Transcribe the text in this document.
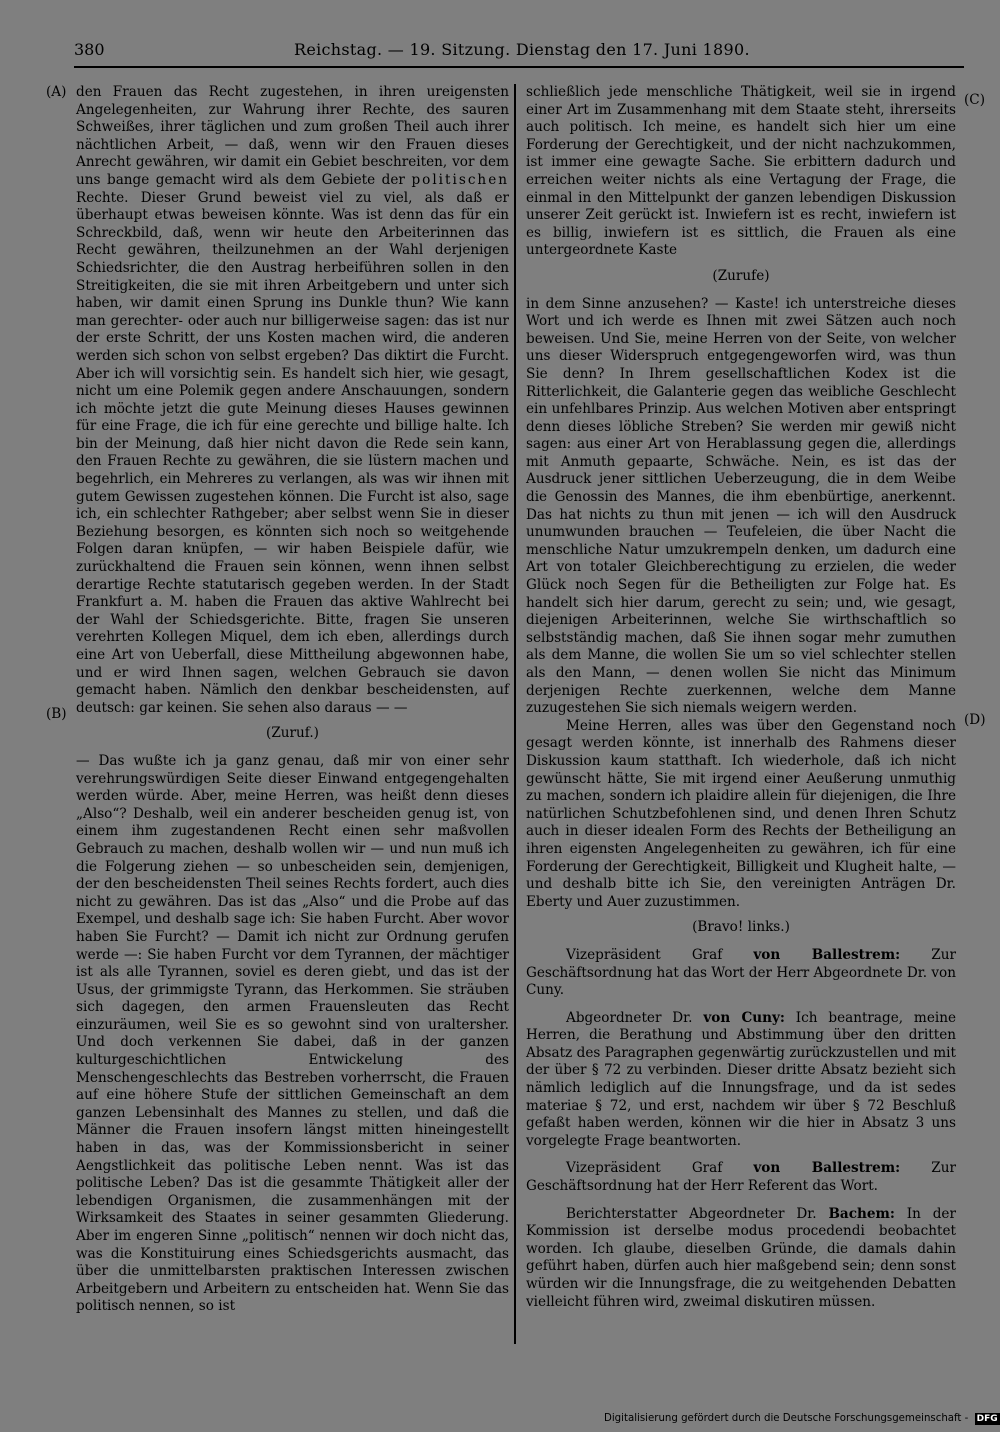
380	Reichstag. — 19. Sitzung. Dienstag den 17. Juni 1890.
(A)
(B)
(C)
(D)

den Frauen das Recht zugestehen, in ihren ureigensten Angelegenheiten, zur Wahrung ihrer Rechte, des sauren Schweißes, ihrer täglichen und zum großen Theil auch ihrer nächtlichen Arbeit, — daß, wenn wir den Frauen dieses Anrecht gewähren, wir damit ein Gebiet beschreiten, vor dem uns bange gemacht wird als dem Gebiete der politischen Rechte. Dieser Grund beweist viel zu viel, als daß er überhaupt etwas beweisen könnte. Was ist denn das für ein Schreckbild, daß, wenn wir heute den Arbeiterinnen das Recht gewähren, theilzunehmen an der Wahl derjenigen Schiedsrichter, die den Austrag herbeiführen sollen in den Streitigkeiten, die sie mit ihren Arbeitgebern und unter sich haben, wir damit einen Sprung ins Dunkle thun? Wie kann man gerechter- oder auch nur billigerweise sagen: das ist nur der erste Schritt, der uns Kosten machen wird, die anderen werden sich schon von selbst ergeben? Das diktirt die Furcht. Aber ich will vorsichtig sein. Es handelt sich hier, wie gesagt, nicht um eine Polemik gegen andere Anschauungen, sondern ich möchte jetzt die gute Meinung dieses Hauses gewinnen für eine Frage, die ich für eine gerechte und billige halte. Ich bin der Meinung, daß hier nicht davon die Rede sein kann, den Frauen Rechte zu gewähren, die sie lüstern machen und begehrlich, ein Mehreres zu verlangen, als was wir ihnen mit gutem Gewissen zugestehen können. Die Furcht ist also, sage ich, ein schlechter Rathgeber; aber selbst wenn Sie in dieser Beziehung besorgen, es könnten sich noch so weitgehende Folgen daran knüpfen, — wir haben Beispiele dafür, wie zurückhaltend die Frauen sein können, wenn ihnen selbst derartige Rechte statutarisch gegeben werden. In der Stadt Frankfurt a. M. haben die Frauen das aktive Wahlrecht bei der Wahl der Schiedsgerichte. Bitte, fragen Sie unseren verehrten Kollegen Miquel, dem ich eben, allerdings durch eine Art von Ueberfall, diese Mittheilung abgewonnen habe, und er wird Ihnen sagen, welchen Gebrauch sie davon gemacht haben. Nämlich den denkbar bescheidensten, auf deutsch: gar keinen. Sie sehen also daraus — —

(Zuruf.)

— Das wußte ich ja ganz genau, daß mir von einer sehr verehrungswürdigen Seite dieser Einwand entgegengehalten werden würde. Aber, meine Herren, was heißt denn dieses „Also“? Deshalb, weil ein anderer bescheiden genug ist, von einem ihm zugestandenen Recht einen sehr maßvollen Gebrauch zu machen, deshalb wollen wir — und nun muß ich die Folgerung ziehen — so unbescheiden sein, demjenigen, der den bescheidensten Theil seines Rechts fordert, auch dies nicht zu gewähren. Das ist das „Also“ und die Probe auf das Exempel, und deshalb sage ich: Sie haben Furcht. Aber wovor haben Sie Furcht? — Damit ich nicht zur Ordnung gerufen werde —: Sie haben Furcht vor dem Tyrannen, der mächtiger ist als alle Tyrannen, soviel es deren giebt, und das ist der Usus, der grimmigste Tyrann, das Herkommen. Sie sträuben sich dagegen, den armen Frauensleuten das Recht einzuräumen, weil Sie es so gewohnt sind von uraltersher. Und doch verkennen Sie dabei, daß in der ganzen kulturgeschichtlichen Entwickelung des Menschengeschlechts das Bestreben vorherrscht, die Frauen auf eine höhere Stufe der sittlichen Gemeinschaft an dem ganzen Lebensinhalt des Mannes zu stellen, und daß die Männer die Frauen insofern längst mitten hineingestellt haben in das, was der Kommissionsbericht in seiner Aengstlichkeit das politische Leben nennt. Was ist das politische Leben? Das ist die gesammte Thätigkeit aller der lebendigen Organismen, die zusammenhängen mit der Wirksamkeit des Staates in seiner gesammten Gliederung. Aber im engeren Sinne „politisch“ nennen wir doch nicht das, was die Konstituirung eines Schiedsgerichts ausmacht, das über die unmittelbarsten praktischen Interessen zwischen Arbeitgebern und Arbeitern zu entscheiden hat. Wenn Sie das politisch nennen, so ist

schließlich jede menschliche Thätigkeit, weil sie in irgend einer Art im Zusammenhang mit dem Staate steht, ihrerseits auch politisch. Ich meine, es handelt sich hier um eine Forderung der Gerechtigkeit, und der nicht nachzukommen, ist immer eine gewagte Sache. Sie erbittern dadurch und erreichen weiter nichts als eine Vertagung der Frage, die einmal in den Mittelpunkt der ganzen lebendigen Diskussion unserer Zeit gerückt ist. Inwiefern ist es recht, inwiefern ist es billig, inwiefern ist es sittlich, die Frauen als eine untergeordnete Kaste

(Zurufe)

in dem Sinne anzusehen? — Kaste! ich unterstreiche dieses Wort und ich werde es Ihnen mit zwei Sätzen auch noch beweisen. Und Sie, meine Herren von der Seite, von welcher uns dieser Widerspruch entgegengeworfen wird, was thun Sie denn? In Ihrem gesellschaftlichen Kodex ist die Ritterlichkeit, die Galanterie gegen das weibliche Geschlecht ein unfehlbares Prinzip. Aus welchen Motiven aber entspringt denn dieses löbliche Streben? Sie werden mir gewiß nicht sagen: aus einer Art von Herablassung gegen die, allerdings mit Anmuth gepaarte, Schwäche. Nein, es ist das der Ausdruck jener sittlichen Ueberzeugung, die in dem Weibe die Genossin des Mannes, die ihm ebenbürtige, anerkennt. Das hat nichts zu thun mit jenen — ich will den Ausdruck unumwunden brauchen — Teufeleien, die über Nacht die menschliche Natur umzukrempeln denken, um dadurch eine Art von totaler Gleichberechtigung zu erzielen, die weder Glück noch Segen für die Betheiligten zur Folge hat. Es handelt sich hier darum, gerecht zu sein; und, wie gesagt, diejenigen Arbeiterinnen, welche Sie wirthschaftlich so selbstständig machen, daß Sie ihnen sogar mehr zumuthen als dem Manne, die wollen Sie um so viel schlechter stellen als den Mann, — denen wollen Sie nicht das Minimum derjenigen Rechte zuerkennen, welche dem Manne zuzugestehen Sie sich niemals weigern werden.

Meine Herren, alles was über den Gegenstand noch gesagt werden könnte, ist innerhalb des Rahmens dieser Diskussion kaum statthaft. Ich wiederhole, daß ich nicht gewünscht hätte, Sie mit irgend einer Aeußerung unmuthig zu machen, sondern ich plaidire allein für diejenigen, die Ihre natürlichen Schutzbefohlenen sind, und denen Ihren Schutz auch in dieser idealen Form des Rechts der Betheiligung an ihren eigensten Angelegenheiten zu gewähren, ich für eine Forderung der Gerechtigkeit, Billigkeit und Klugheit halte, — und deshalb bitte ich Sie, den vereinigten Anträgen Dr. Eberty und Auer zuzustimmen.

(Bravo! links.)

Vizepräsident Graf von Ballestrem: Zur Geschäftsordnung hat das Wort der Herr Abgeordnete Dr. von Cuny.

Abgeordneter Dr. von Cuny: Ich beantrage, meine Herren, die Berathung und Abstimmung über den dritten Absatz des Paragraphen gegenwärtig zurückzustellen und mit der über § 72 zu verbinden. Dieser dritte Absatz bezieht sich nämlich lediglich auf die Innungsfrage, und da ist sedes materiae § 72, und erst, nachdem wir über § 72 Beschluß gefaßt haben werden, können wir die hier in Absatz 3 uns vorgelegte Frage beantworten.

Vizepräsident Graf von Ballestrem: Zur Geschäftsordnung hat der Herr Referent das Wort.

Berichterstatter Abgeordneter Dr. Bachem: In der Kommission ist derselbe modus procedendi beobachtet worden. Ich glaube, dieselben Gründe, die damals dahin geführt haben, dürfen auch hier maßgebend sein; denn sonst würden wir die Innungsfrage, die zu weitgehenden Debatten vielleicht führen wird, zweimal diskutiren müssen.

Digitalisierung gefördert durch die Deutsche Forschungsgemeinschaft - DFG
